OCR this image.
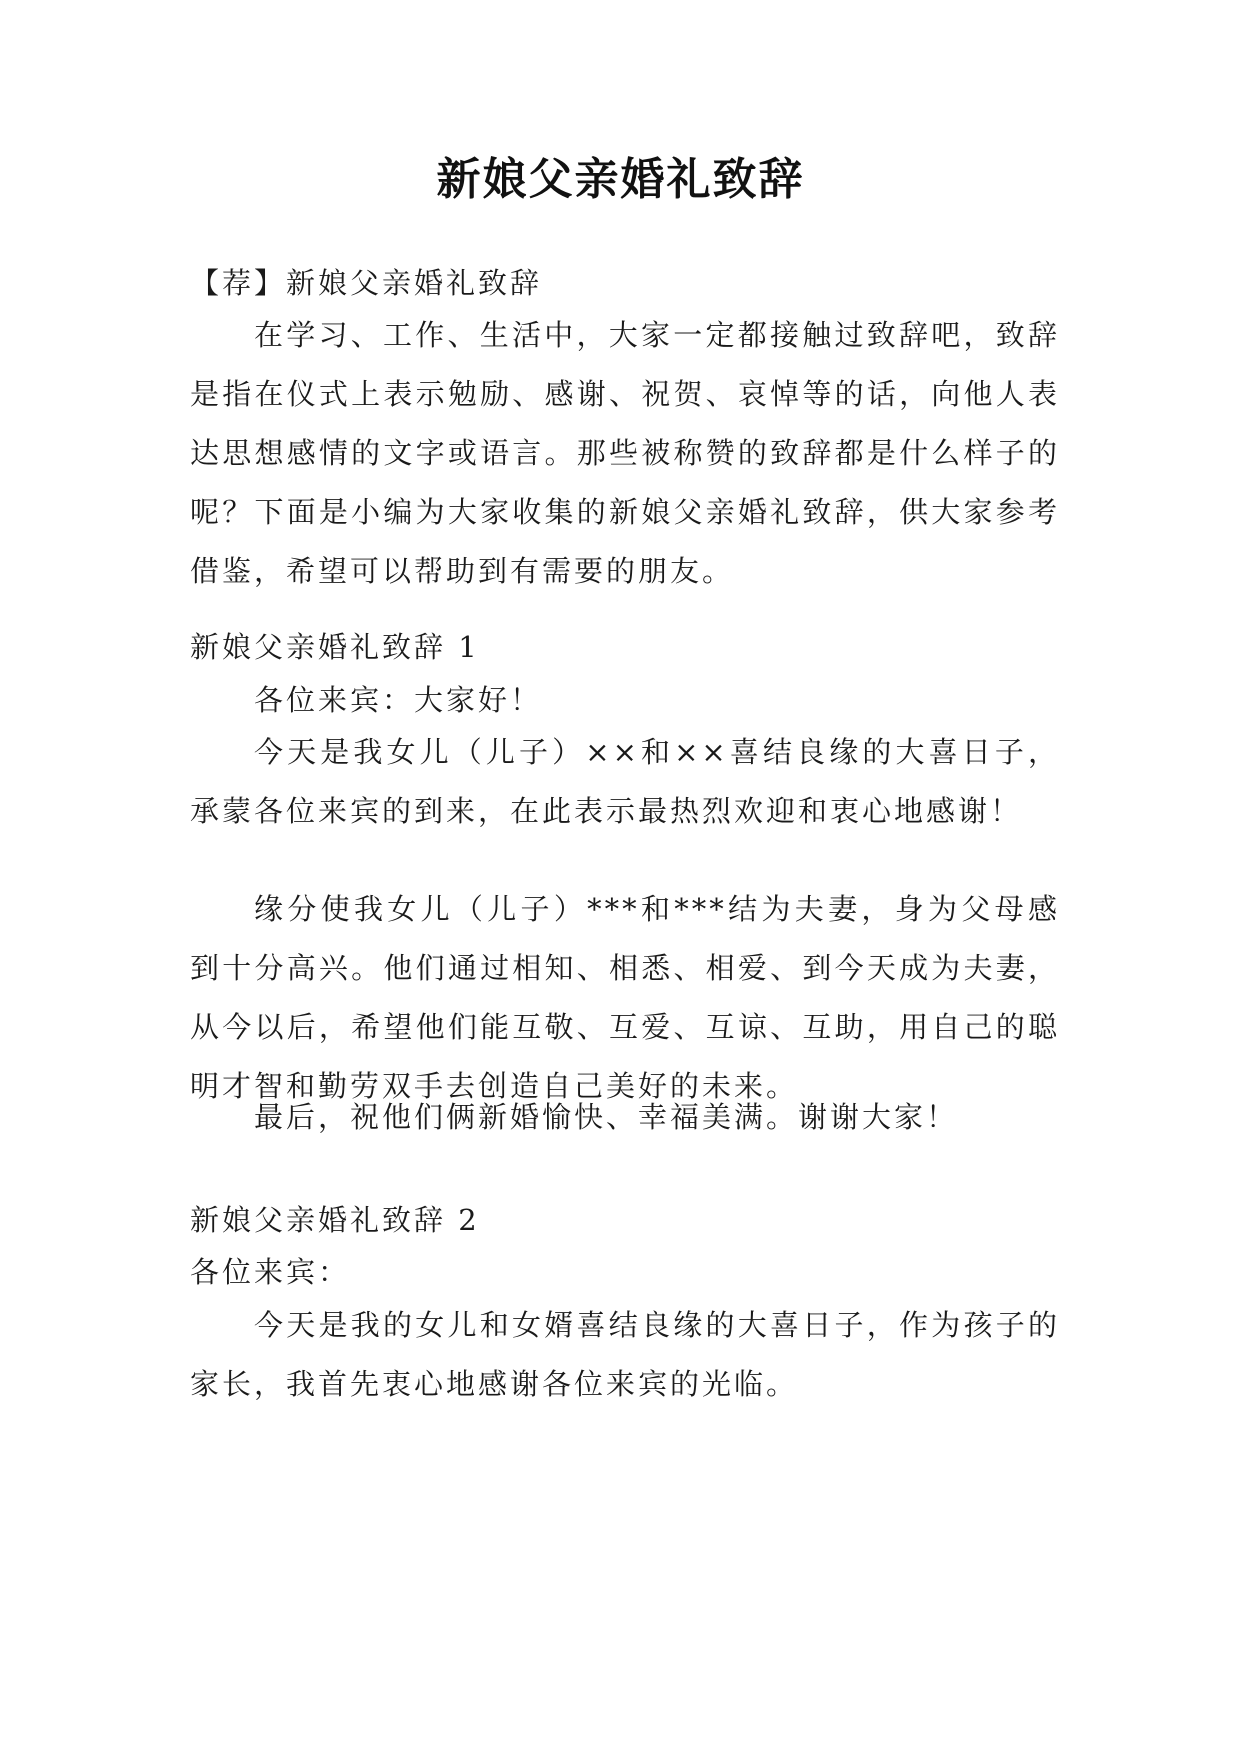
新娘父亲婚礼致辞
【荐】新娘父亲婚礼致辞
在学习、工作、生活中，大家一定都接触过致辞吧，致辞是指在仪式上表示勉励、感谢、祝贺、哀悼等的话，向他人表达思想感情的文字或语言。那些被称赞的致辞都是什么样子的呢？下面是小编为大家收集的新娘父亲婚礼致辞，供大家参考借鉴，希望可以帮助到有需要的朋友。
新娘父亲婚礼致辞 1
各位来宾：大家好！
今天是我女儿（儿子）××和××喜结良缘的大喜日子，承蒙各位来宾的到来，在此表示最热烈欢迎和衷心地感谢！
缘分使我女儿（儿子）***和***结为夫妻，身为父母感到十分高兴。他们通过相知、相悉、相爱、到今天成为夫妻，从今以后，希望他们能互敬、互爱、互谅、互助，用自己的聪明才智和勤劳双手去创造自己美好的未来。
最后，祝他们俩新婚愉快、幸福美满。谢谢大家！
新娘父亲婚礼致辞 2
各位来宾：
今天是我的女儿和女婿喜结良缘的大喜日子，作为孩子的家长，我首先衷心地感谢各位来宾的光临。
